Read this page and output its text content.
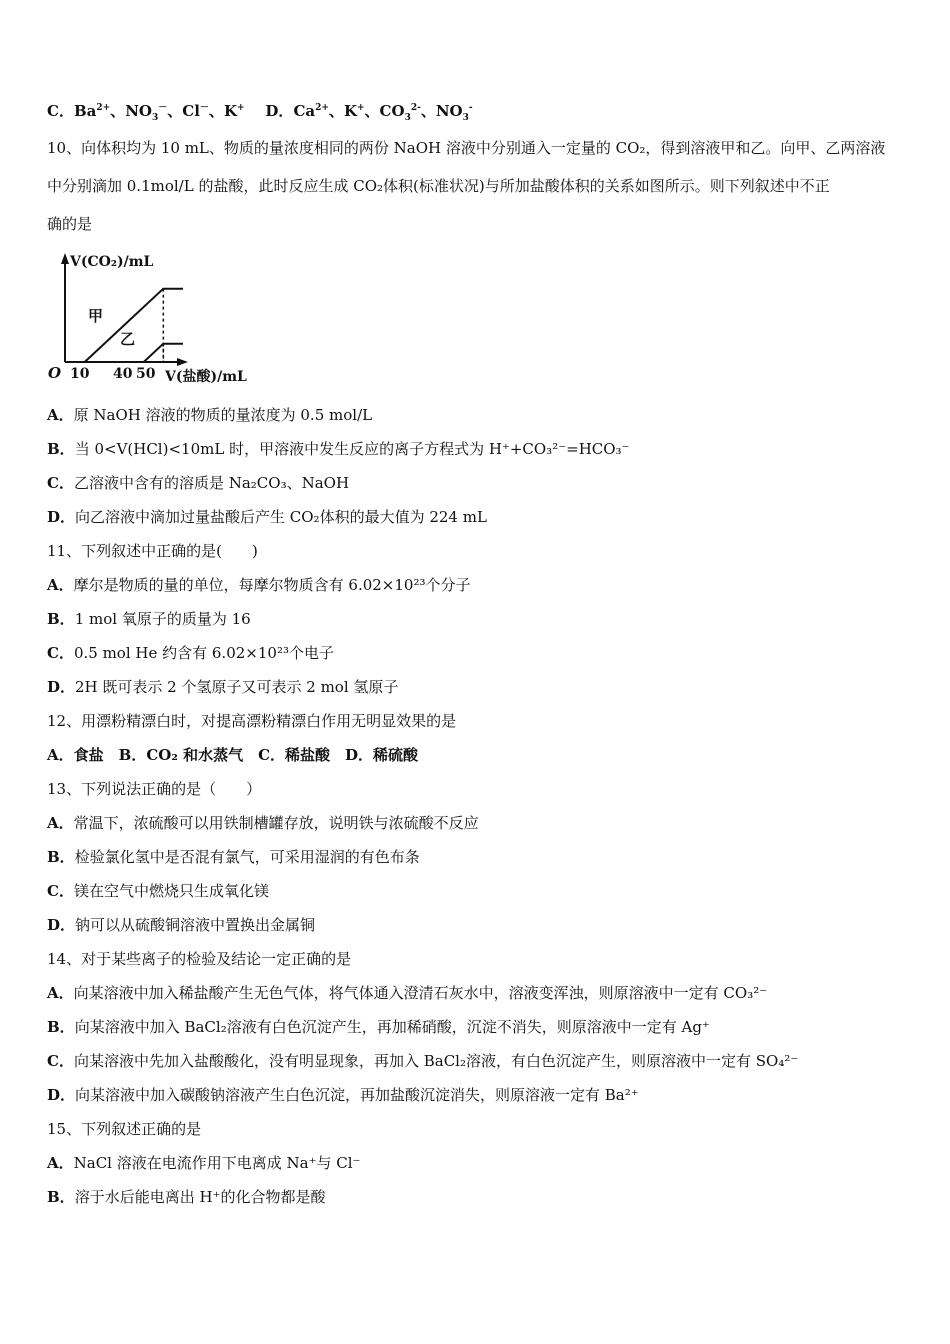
C．$Ba^{2+}$、$NO_3^-$、Cl－、K+ D．$Ca^{2+}$、K+、$CO_3^{2-}$、$NO_3^-$
10、向体积均为 10 mL、物质的量浓度相同的两份 NaOH 溶液中分别通入一定量的 CO₂，得到溶液甲和乙。向甲、乙两溶液
中分别滴加 0.1mol/L 的盐酸，此时反应生成 CO₂体积(标准状况)与所加盐酸体积的关系如图所示。则下列叙述中不正
确的是
V(CO₂)/mL
V(盐酸)/mL
O 10 40 50
甲
乙
A．原 NaOH 溶液的物质的量浓度为 0.5 mol/L
B．当 0<V(HCl)<10mL 时，甲溶液中发生反应的离子方程式为 H⁺+CO₃²⁻=HCO₃⁻
C．乙溶液中含有的溶质是 Na₂CO₃、NaOH
D．向乙溶液中滴加过量盐酸后产生 CO₂体积的最大值为 224 mL
11、下列叙述中正确的是(　　)
A．摩尔是物质的量的单位，每摩尔物质含有 6.02×10²³个分子
B．1 mol 氧原子的质量为 16
C．0.5 mol He 约含有 6.02×10²³个电子
D．2H 既可表示 2 个氢原子又可表示 2 mol 氢原子
12、用漂粉精漂白时，对提高漂粉精漂白作用无明显效果的是
A．食盐 B．CO₂ 和水蒸气 C．稀盐酸 D．稀硫酸
13、下列说法正确的是（　　）
A．常温下，浓硫酸可以用铁制槽罐存放，说明铁与浓硫酸不反应
B．检验氯化氢中是否混有氯气，可采用湿润的有色布条
C．镁在空气中燃烧只生成氧化镁
D．钠可以从硫酸铜溶液中置换出金属铜
14、对于某些离子的检验及结论一定正确的是
A．向某溶液中加入稀盐酸产生无色气体，将气体通入澄清石灰水中，溶液变浑浊，则原溶液中一定有 CO₃²⁻
B．向某溶液中加入 BaCl₂溶液有白色沉淀产生，再加稀硝酸，沉淀不消失，则原溶液中一定有 Ag⁺
C．向某溶液中先加入盐酸酸化，没有明显现象，再加入 BaCl₂溶液，有白色沉淀产生，则原溶液中一定有 SO₄²⁻
D．向某溶液中加入碳酸钠溶液产生白色沉淀，再加盐酸沉淀消失，则原溶液一定有 Ba²⁺
15、下列叙述正确的是
A．NaCl 溶液在电流作用下电离成 Na⁺与 Cl⁻
B．溶于水后能电离出 H⁺的化合物都是酸
